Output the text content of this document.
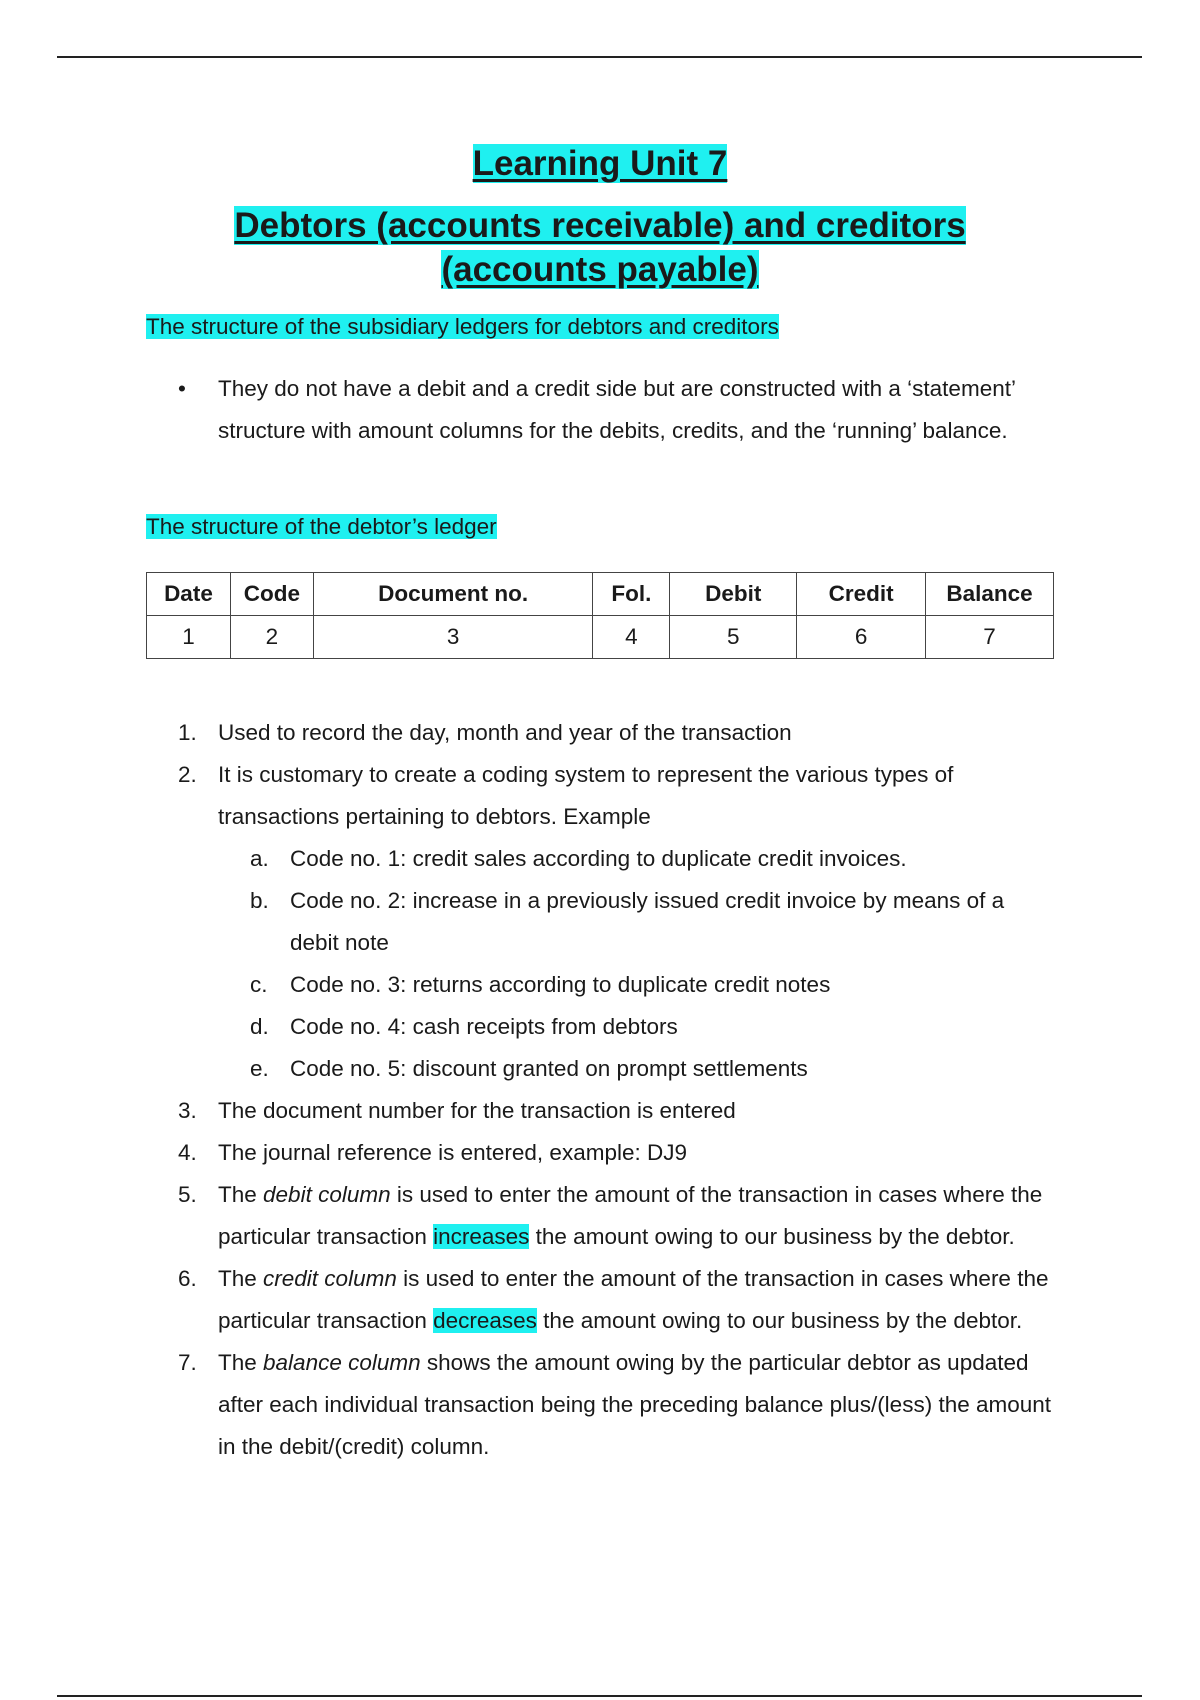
Learning Unit 7
Debtors (accounts receivable) and creditors
(accounts payable)
The structure of the subsidiary ledgers for debtors and creditors
• They do not have a debit and a credit side but are constructed with a ‘statement’ structure with amount columns for the debits, credits, and the ‘running’ balance.
The structure of the debtor’s ledger
Date	Code	Document no.	Fol.	Debit	Credit	Balance
1	2	3	4	5	6	7
1. Used to record the day, month and year of the transaction
2. It is customary to create a coding system to represent the various types of transactions pertaining to debtors. Example
a. Code no. 1: credit sales according to duplicate credit invoices.
b. Code no. 2: increase in a previously issued credit invoice by means of a debit note
c. Code no. 3: returns according to duplicate credit notes
d. Code no. 4: cash receipts from debtors
e. Code no. 5: discount granted on prompt settlements
3. The document number for the transaction is entered
4. The journal reference is entered, example: DJ9
5. The debit column is used to enter the amount of the transaction in cases where the particular transaction increases the amount owing to our business by the debtor.
6. The credit column is used to enter the amount of the transaction in cases where the particular transaction decreases the amount owing to our business by the debtor.
7. The balance column shows the amount owing by the particular debtor as updated after each individual transaction being the preceding balance plus/(less) the amount in the debit/(credit) column.
